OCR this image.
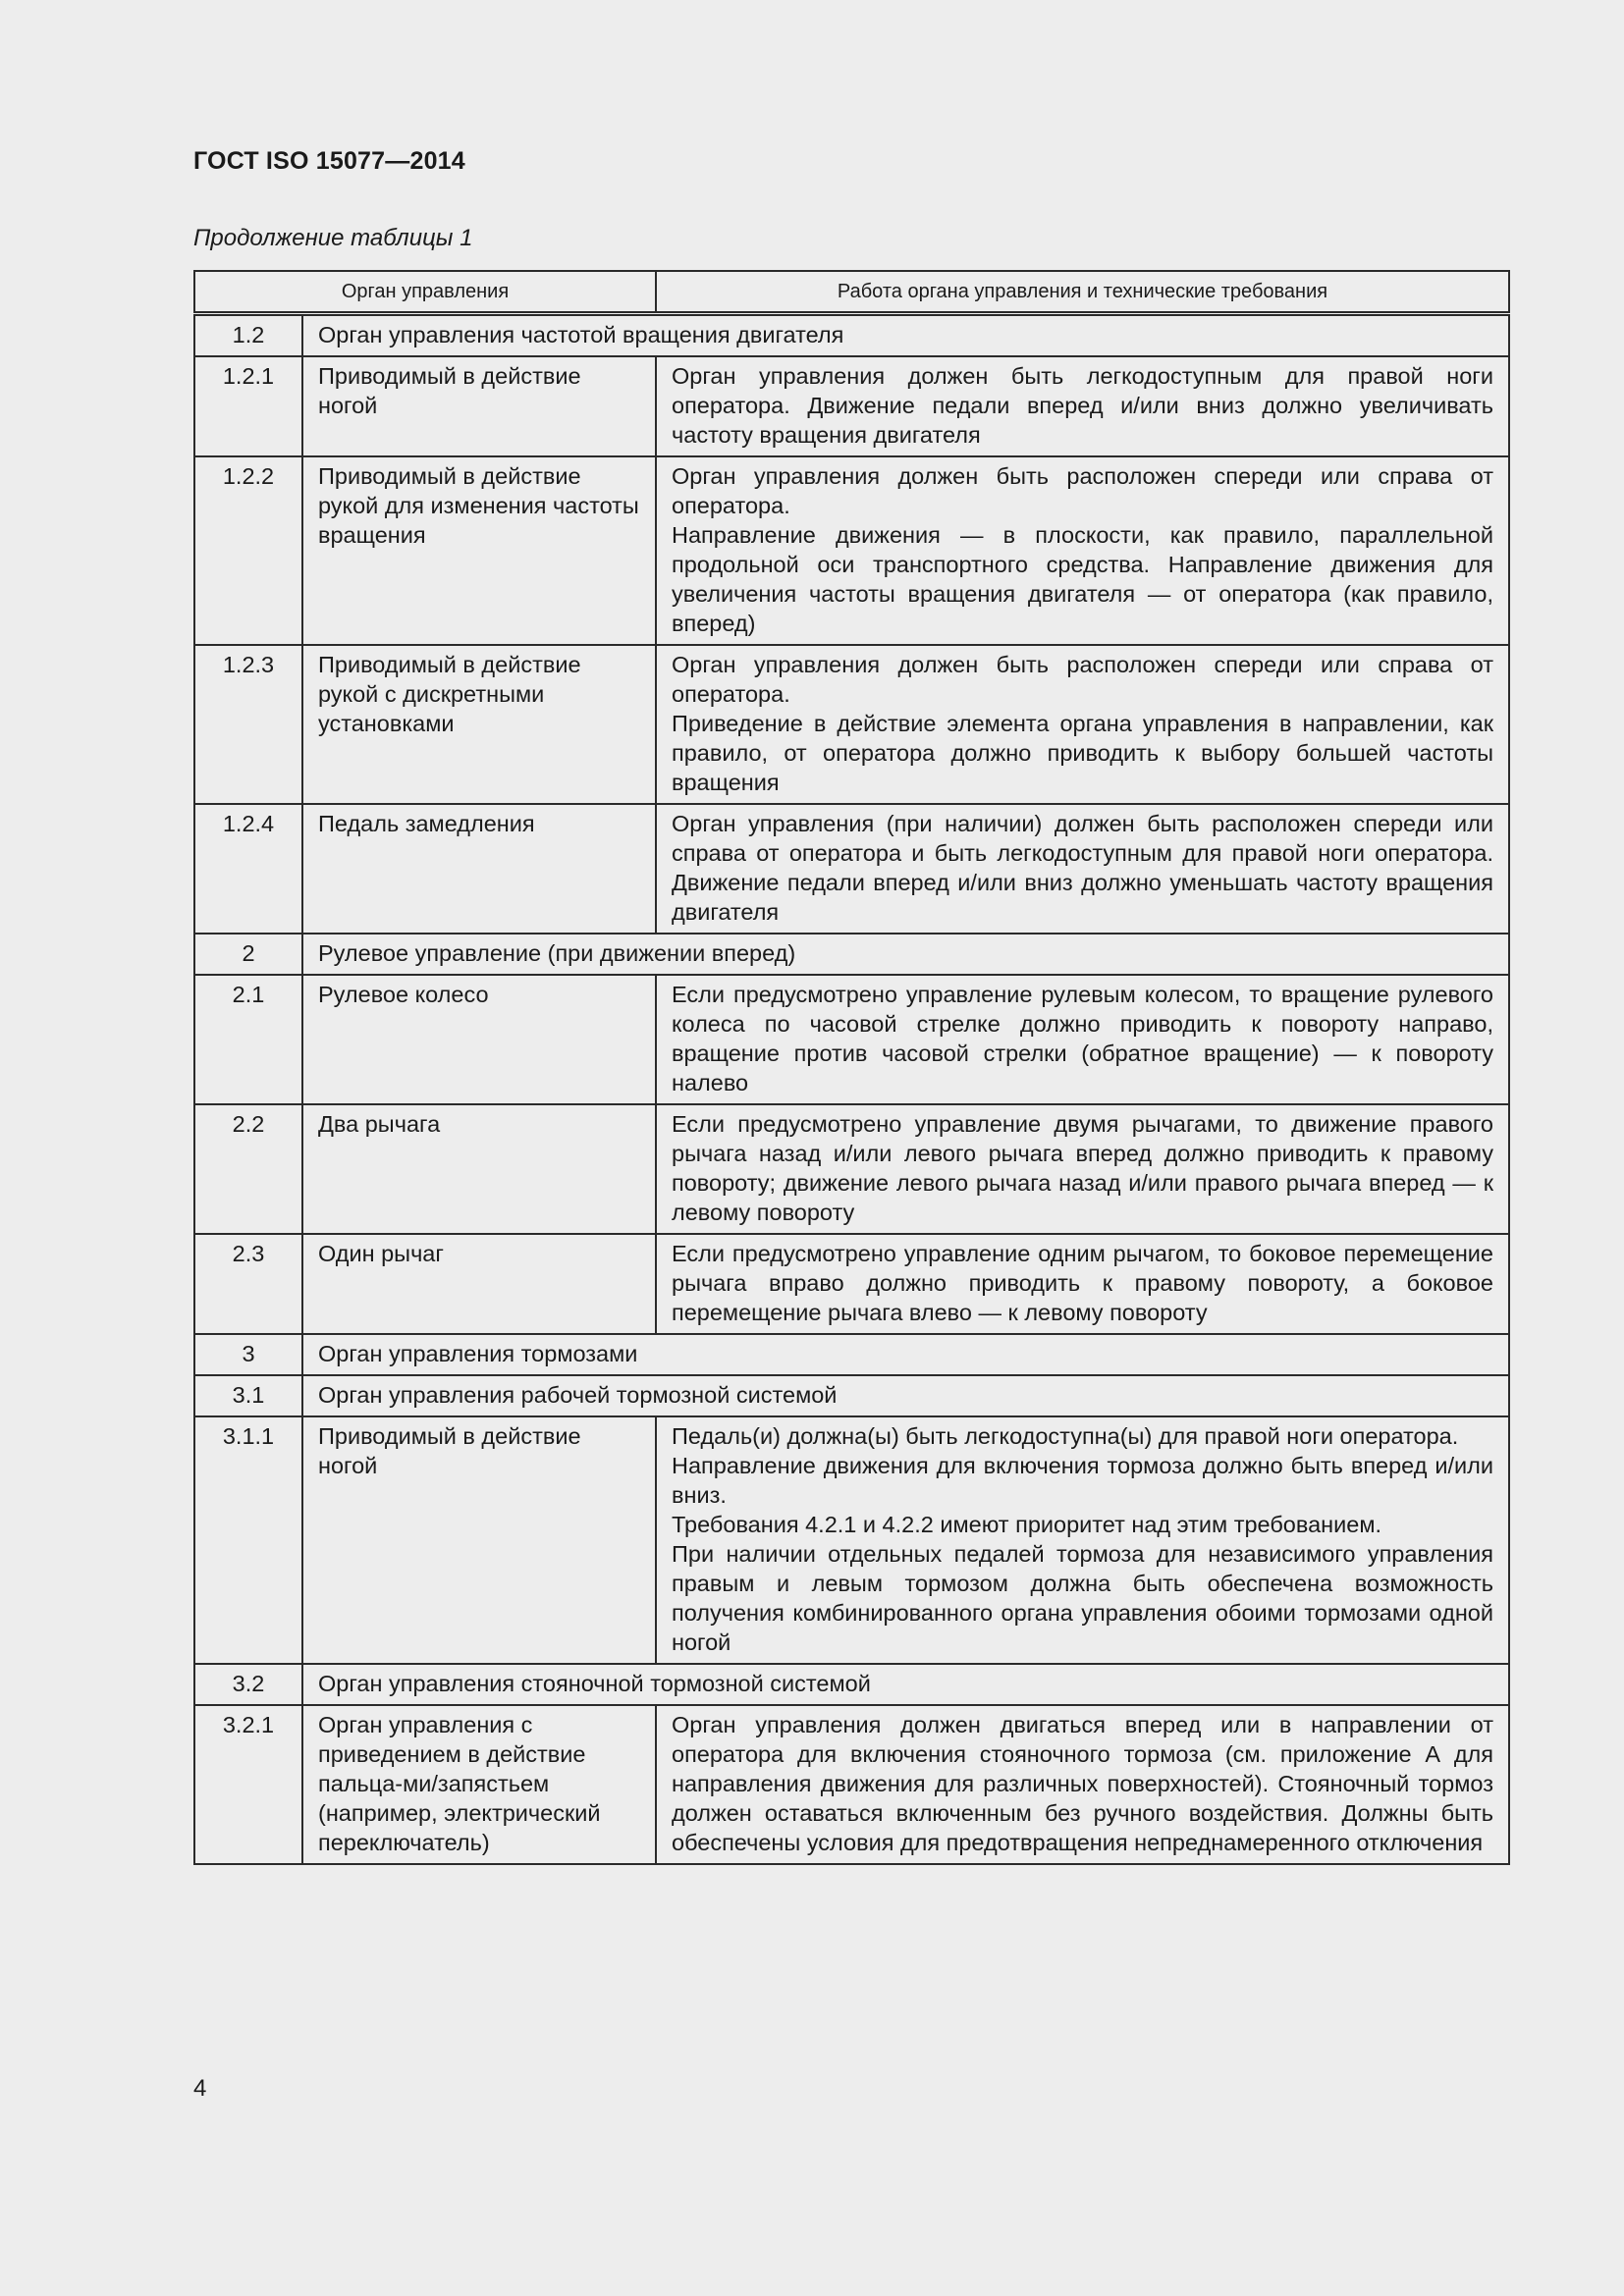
ГОСТ ISO 15077—2014
Продолжение таблицы 1
Орган управления		Работа органа управления и технические требования
1.2	Орган управления частотой вращения двигателя	
1.2.1	Приводимый в действие ногой	Орган управления должен быть легкодоступным для правой ноги оператора. Движение педали вперед и/или вниз должно увеличивать частоту вращения двигателя

1.2.2	Приводимый в действие рукой для изменения частоты вращения	Орган управления должен быть расположен спереди или справа от оператора.

Направление движения — в плоскости, как правило, параллельной продольной оси транспортного средства. Направление движения для увеличения частоты вращения двигателя — от оператора (как правило, вперед)

1.2.3	Приводимый в действие рукой с дискретными установками	Орган управления должен быть расположен спереди или справа от оператора.

Приведение в действие элемента органа управления в направлении, как правило, от оператора должно приводить к выбору большей частоты вращения

1.2.4	Педаль замедления	Орган управления (при наличии) должен быть расположен спереди или справа от оператора и быть легкодоступным для правой ноги оператора. Движение педали вперед и/или вниз должно уменьшать частоту вращения двигателя

2	Рулевое управление (при движении вперед)	
2.1	Рулевое колесо	Если предусмотрено управление рулевым колесом, то вращение рулевого колеса по часовой стрелке должно приводить к повороту направо, вращение против часовой стрелки (обратное вращение) — к повороту налево

2.2	Два рычага	Если предусмотрено управление двумя рычагами, то движение правого рычага назад и/или левого рычага вперед должно приводить к правому повороту; движение левого рычага назад и/или правого рычага вперед — к левому повороту

2.3	Один рычаг	Если предусмотрено управление одним рычагом, то боковое перемещение рычага вправо должно приводить к правому повороту, а боковое перемещение рычага влево — к левому повороту

3	Орган управления тормозами	
3.1	Орган управления рабочей тормозной системой	
3.1.1	Приводимый в действие ногой	Педаль(и) должна(ы) быть легкодоступна(ы) для правой ноги оператора.

Направление движения для включения тормоза должно быть вперед и/или вниз.

Требования 4.2.1 и 4.2.2 имеют приоритет над этим требованием.

При наличии отдельных педалей тормоза для независимого управления правым и левым тормозом должна быть обеспечена возможность получения комбинированного органа управления обоими тормозами одной ногой

3.2	Орган управления стояночной тормозной системой	
3.2.1	Орган управления с приведением в действие пальца-ми/запястьем (например, электрический переключатель)	Орган управления должен двигаться вперед или в направлении от оператора для включения стояночного тормоза (см. приложение А для направления движения для различных поверхностей). Стояночный тормоз должен оставаться включенным без ручного воздействия. Должны быть обеспечены условия для предотвращения непреднамеренного отключения

4
